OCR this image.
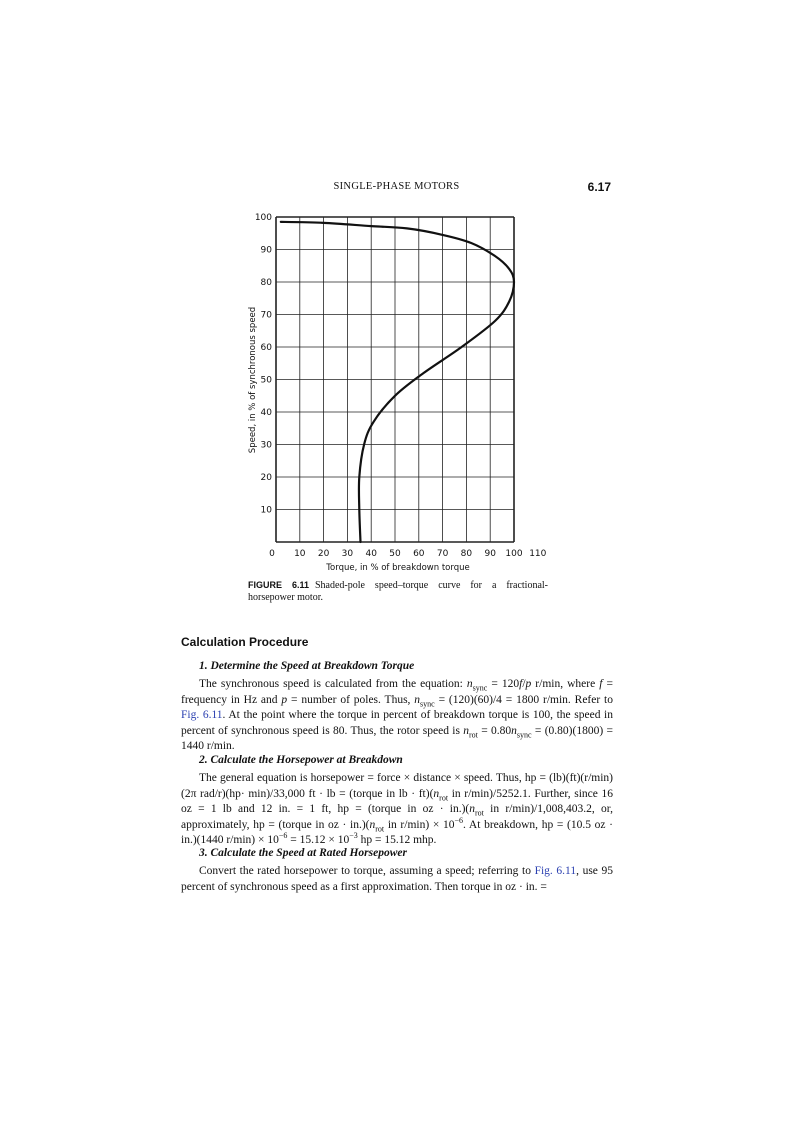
SINGLE-PHASE MOTORS	6.17
0 10 20 30 40 50 60 70 80 90 100 110
10
20
30
40
50
60
70
80
90
100
Torque, in % of breakdown torque
Speed, in % of synchronous speed
FIGURE 6.11 Shaded-pole speed–torque curve for a fractional-horsepower motor.
Calculation Procedure
1. Determine the Speed at Breakdown Torque

The synchronous speed is calculated from the equation: $n_{sync} = 120f/p$ r/min, where f = frequency in Hz and p = number of poles. Thus, $n_{sync} = (120)(60)/4 = 1800$ r/min. Refer to Fig. 6.11. At the point where the torque in percent of breakdown torque is 100, the speed in percent of synchronous speed is 80. Thus, the rotor speed is $n_{rot} = 0.80n_{sync} = (0.80)(1800) = 1440$ r/min.

2. Calculate the Horsepower at Breakdown

The general equation is horsepower = force × distance × speed. Thus, hp = (lb)(ft)(r/min)(2π rad/r)(hp· min)/33,000 ft · lb = (torque in lb · $ft)(n_{rot}$ in r/min)/5252.1. Further, since 16 oz = 1 lb and 12 in. = 1 ft, hp = (torque in oz · $in.)(n_{rot}$ in r/min)/1,008,403.2, or, approximately, hp = (torque in oz · $in.)(n_{rot}$ in $r/\min) \times 10^{-6}$. At breakdown, hp = (10.5 oz · in.)(1440 $r/\min) \times 10^{-6} = 15.12 \times 10^{-3}$ hp = 15.12 mhp.

3. Calculate the Speed at Rated Horsepower

Convert the rated horsepower to torque, assuming a speed; referring to Fig. 6.11, use 95 percent of synchronous speed as a first approximation. Then torque in oz · in. =
